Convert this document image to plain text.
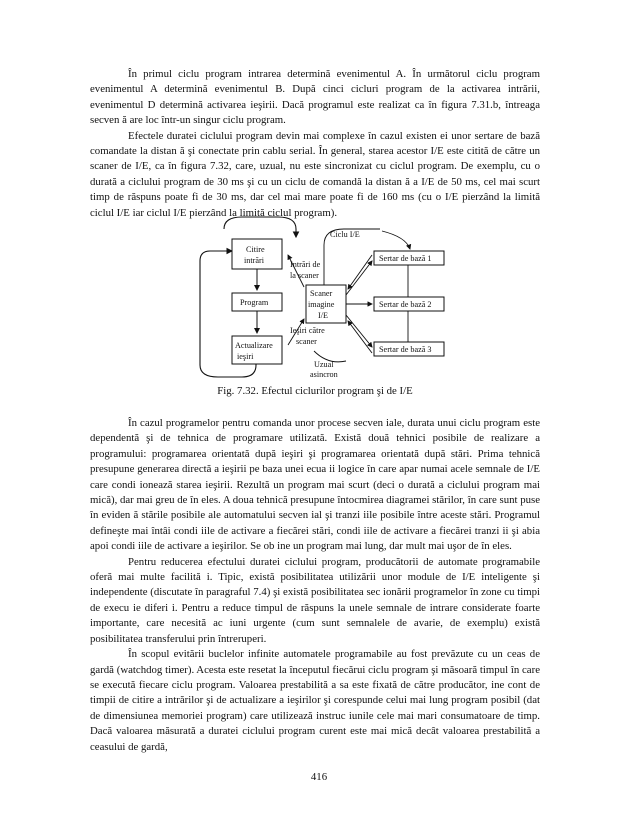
În primul ciclu program intrarea determină evenimentul A. În următorul ciclu program evenimentul A determină evenimentul B. După cinci cicluri program de la activarea intrării, evenimentul D determină activarea ieşirii. Dacă programul este realizat ca în figura 7.31.b, întreaga secven ă are loc într-un singur ciclu program.

Efectele duratei ciclului program devin mai complexe în cazul existen ei unor sertare de bază comandate la distan ă şi conectate prin cablu serial. În general, starea acestor I/E este citită de către un scaner de I/E, ca în figura 7.32, care, uzual, nu este sincronizat cu ciclul program. De exemplu, cu o durată a ciclului program de 30 ms şi cu un ciclu de comandă la distan ă a I/E de 50 ms, cel mai scurt timp de răspuns poate fi de 30 ms, dar cel mai mare poate fi de 160 ms (cu o I/E pierzând la limită ciclul I/E iar ciclul I/E pierzând la limită ciclul program).

Citire
intrări
Program
Actualizare
ieşiri
Intrări de
la scaner
Scaner
imagine
I/E
Ieşiri către
scaner
Ciclu I/E
Sertar de bază 1
Sertar de bază 2
Sertar de bază 3
Uzual
asincron
Fig. 7.32. Efectul ciclurilor program şi de I/E

În cazul programelor pentru comanda unor procese secven iale, durata unui ciclu program este dependentă şi de tehnica de programare utilizată. Există două tehnici posibile de realizare a programului: programarea orientată după ieşiri şi programarea orientată după stări. Prima tehnică presupune generarea directă a ieşirii pe baza unei ecua ii logice în care apar numai acele semnale de I/E care condi ionează starea ieşirii. Rezultă un program mai scurt (deci o durată a ciclului program mai mică), dar mai greu de în eles. A doua tehnică presupune întocmirea diagramei stărilor, în care sunt puse în eviden ă stările posibile ale automatului secven ial şi tranzi iile posibile între aceste stări. Programul defineşte mai întâi condi iile de activare a fiecărei stări, condi iile de activare a fiecărei tranzi ii şi abia apoi condi iile de activare a ieşirilor. Se ob ine un program mai lung, dar mult mai uşor de în eles.

Pentru reducerea efectului duratei ciclului program, producătorii de automate programabile oferă mai multe facilită i. Tipic, există posibilitatea utilizării unor module de I/E inteligente şi independente (discutate în paragraful 7.4) şi există posibilitatea sec ionării programelor în zone cu timpi de execu ie diferi i. Pentru a reduce timpul de răspuns la unele semnale de intrare considerate foarte importante, care necesită ac iuni urgente (cum sunt semnalele de avarie, de exemplu) există posibilitatea transferului prin întreruperi.

În scopul evitării buclelor infinite automatele programabile au fost prevăzute cu un ceas de gardă (watchdog timer). Acesta este resetat la începutul fiecărui ciclu program şi măsoară timpul în care se execută fiecare ciclu program. Valoarea prestabilită a sa este fixată de către producător, ine cont de timpii de citire a intrărilor şi de actualizare a ieşirilor şi corespunde celui mai lung program posibil (dat de dimensiunea memoriei program) care utilizează instruc iunile cele mai mari consumatoare de timp. Dacă valoarea măsurată a duratei ciclului program curent este mai mică decât valoarea prestabilită a ceasului de gardă,

416
